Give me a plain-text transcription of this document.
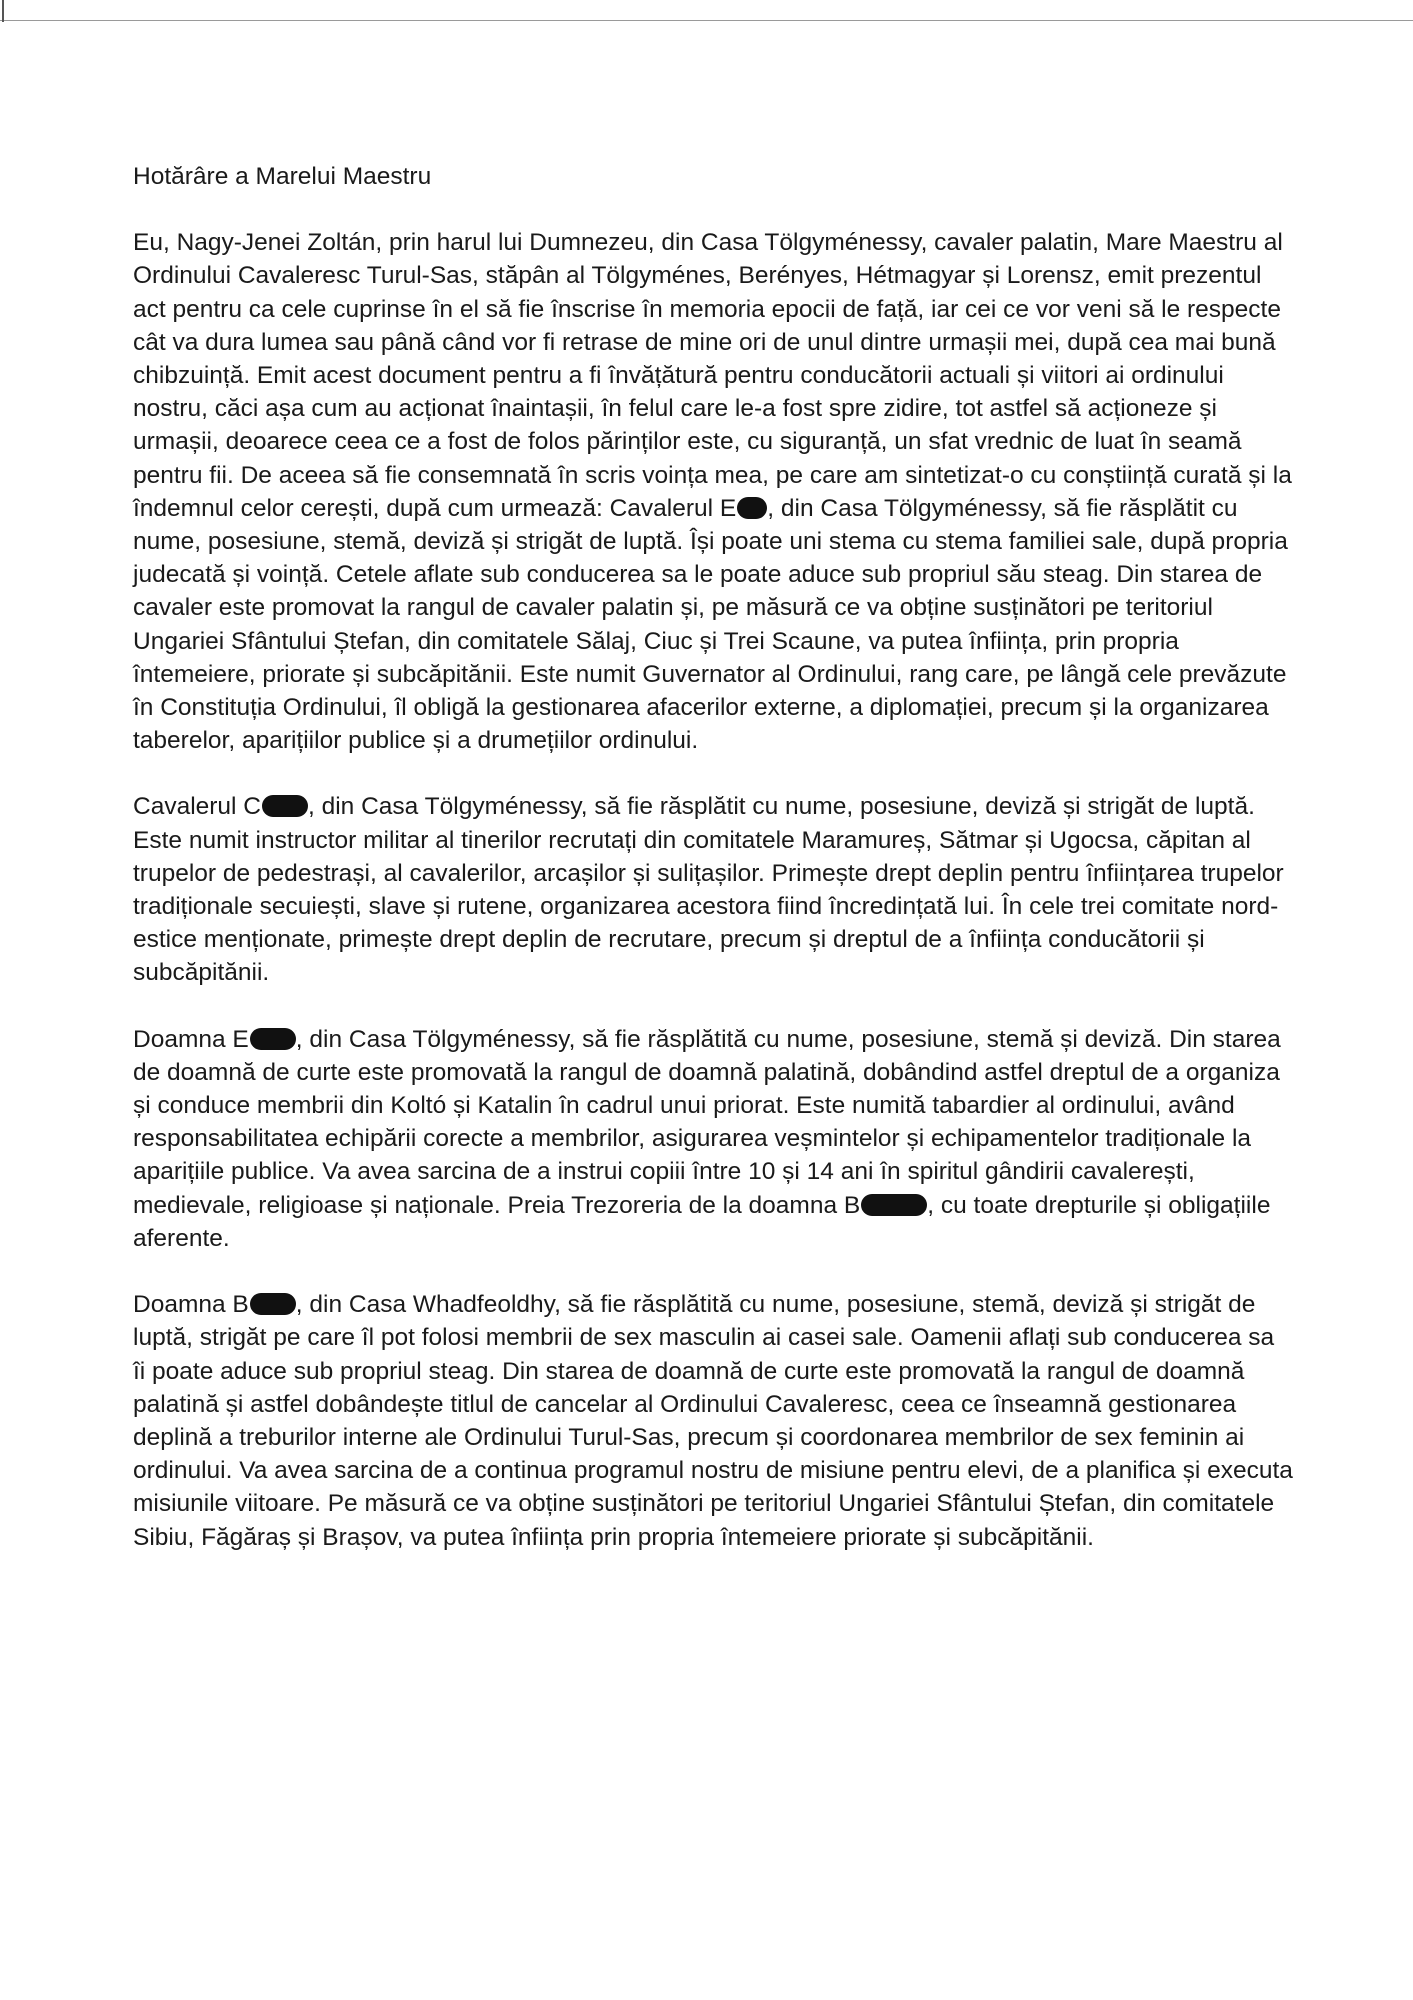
Hotărâre a Marelui Maestru
Eu, Nagy-Jenei Zoltán, prin harul lui Dumnezeu, din Casa Tölgyménessy, cavaler palatin, Mare Maestru al Ordinului Cavaleresc Turul-Sas, stăpân al Tölgyménes, Berényes, Hétmagyar și Lorensz, emit prezentul act pentru ca cele cuprinse în el să fie înscrise în memoria epocii de față, iar cei ce vor veni să le respecte cât va dura lumea sau până când vor fi retrase de mine ori de unul dintre urmașii mei, după cea mai bună chibzuință. Emit acest document pentru a fi învățătură pentru conducătorii actuali și viitori ai ordinului nostru, căci așa cum au acționat înaintașii, în felul care le-a fost spre zidire, tot astfel să acționeze și urmașii, deoarece ceea ce a fost de folos părinților este, cu siguranță, un sfat vrednic de luat în seamă pentru fii. De aceea să fie consemnată în scris voința mea, pe care am sintetizat-o cu conștiință curată și la îndemnul celor cerești, după cum urmează: Cavalerul E , din Casa Tölgyménessy, să fie răsplătit cu nume, posesiune, stemă, deviză și strigăt de luptă. Își poate uni stema cu stema familiei sale, după propria judecată și voință. Cetele aflate sub conducerea sa le poate aduce sub propriul său steag. Din starea de cavaler este promovat la rangul de cavaler palatin și, pe măsură ce va obține susținători pe teritoriul Ungariei Sfântului Ștefan, din comitatele Sălaj, Ciuc și Trei Scaune, va putea înființa, prin propria întemeiere, priorate și subcăpitănii. Este numit Guvernator al Ordinului, rang care, pe lângă cele prevăzute în Constituția Ordinului, îl obligă la gestionarea afacerilor externe, a diplomației, precum și la organizarea taberelor, aparițiilor publice și a drumețiilor ordinului.
Cavalerul C , din Casa Tölgyménessy, să fie răsplătit cu nume, posesiune, deviză și strigăt de luptă. Este numit instructor militar al tinerilor recrutați din comitatele Maramureș, Sătmar și Ugocsa, căpitan al trupelor de pedestrași, al cavalerilor, arcașilor și sulițașilor. Primește drept deplin pentru înființarea trupelor tradiționale secuiești, slave și rutene, organizarea acestora fiind încredințată lui. În cele trei comitate nord-estice menționate, primește drept deplin de recrutare, precum și dreptul de a înființa conducătorii și subcăpitănii.
Doamna E , din Casa Tölgyménessy, să fie răsplătită cu nume, posesiune, stemă și deviză. Din starea de doamnă de curte este promovată la rangul de doamnă palatină, dobândind astfel dreptul de a organiza și conduce membrii din Koltó și Katalin în cadrul unui priorat. Este numită tabardier al ordinului, având responsabilitatea echipării corecte a membrilor, asigurarea veșmintelor și echipamentelor tradiționale la aparițiile publice. Va avea sarcina de a instrui copiii între 10 și 14 ani în spiritul gândirii cavalerești, medievale, religioase și naționale. Preia Trezoreria de la doamna B	, cu toate drepturile și obligațiile aferente.
Doamna B , din Casa Whadfeoldhy, să fie răsplătită cu nume, posesiune, stemă, deviză și strigăt de luptă, strigăt pe care îl pot folosi membrii de sex masculin ai casei sale. Oamenii aflați sub conducerea sa îi poate aduce sub propriul steag. Din starea de doamnă de curte este promovată la rangul de doamnă palatină și astfel dobândește titlul de cancelar al Ordinului Cavaleresc, ceea ce înseamnă gestionarea deplină a treburilor interne ale Ordinului Turul-Sas, precum și coordonarea membrilor de sex feminin ai ordinului. Va avea sarcina de a continua programul nostru de misiune pentru elevi, de a planifica și executa misiunile viitoare. Pe măsură ce va obține susținători pe teritoriul Ungariei Sfântului Ștefan, din comitatele Sibiu, Făgăraș și Brașov, va putea înființa prin propria întemeiere priorate și subcăpitănii.
